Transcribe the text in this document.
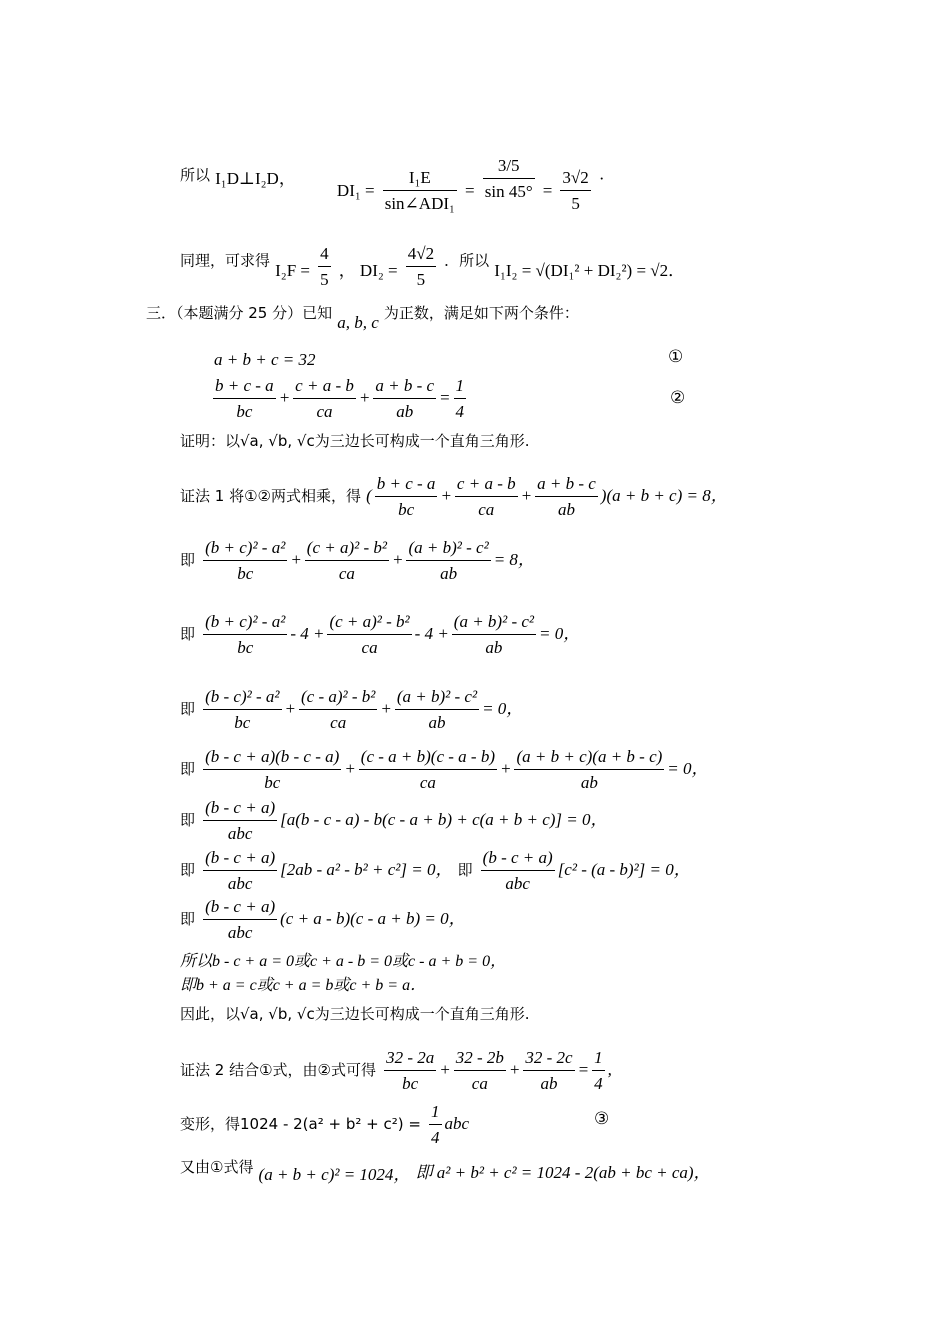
所以 I₁D⊥I₂D， $DI_1 = \frac{\text{I₁E}}{\text{sin∠ADI₁}} = \frac{3/5}{\sin 45^\circ} = \frac{3√2}{5}$ ·
同理，可求得 $I_2F = \frac{4}{5}$ ， $DI_2 = \frac{4√2}{5}$ ．所以 I₁I₂ = √(DI₁² + DI₂²) = √2．
三．（本题满分 25 分）已知 a, b, c 为正数，满足如下两个条件：
a + b + c = 32	①
$\frac{b + c - a}{bc} + \frac{c + a - b}{ca} + \frac{a + b - c}{ab} = \frac{1}{4}$	②
证明：以√a, √b, √c为三边长可构成一个直角三角形.
证法 1 将①②两式相乘，得 ( $\frac{b + c - a}{bc} + \frac{c + a - b}{ca} + \frac{a + b - c}{ab} )(a + b + c) = 8$，
即 $\frac{\text{(b + c)² - a²}}{bc} + \frac{\text{(c + a)² - b²}}{ca} + \frac{\text{(a + b)² - c²}}{ab} = 8$，
即 $\frac{\text{(b + c)² - a²}}{bc} - 4 + \frac{\text{(c + a)² - b²}}{ca} - 4 + \frac{\text{(a + b)² - c²}}{ab} = 0$，
即 $\frac{\text{(b - c)² - a²}}{bc} + \frac{\text{(c - a)² - b²}}{ca} + \frac{\text{(a + b)² - c²}}{ab} = 0$，
即 $\frac{(b - c + a)(b - c - a)}{bc} + \frac{(c - a + b)(c - a - b)}{ca} + \frac{(a + b + c)(a + b - c)}{ab} = 0$，
即 $\frac{(b - c + a)}{\text{abc}} [a(b - c - a) - b(c - a + b) + c(a + b + c)] = 0$，
即 $\frac{(b - c + a)}{\text{abc}} [2ab - a^2 - b^2 + c^2] = 0$， 即 $\frac{(b - c + a)}{\text{abc}} [c^2 - (a - b)^2] = 0$，
即 $\frac{(b - c + a)}{\text{abc}} (c + a - b)(c - a + b) = 0$，
所以b - c + a = 0或c + a - b = 0或c - a + b = 0，
即b + a = c或c + a = b或c + b = a．
因此，以√a, √b, √c为三边长可构成一个直角三角形.
证法 2 结合①式，由②式可得 $\frac{32 - 2a}{bc} + \frac{32 - 2b}{ca} + \frac{32 - 2c}{ab} = \frac{1}{4}$ ,
变形，得$1024 - 2(a^2 + b^2 + c^2) = \frac{1}{4}$ abc	③
又由①式得 (a + b + c)² = 1024， 即 a² + b² + c² = 1024 - 2(ab + bc + ca)，
